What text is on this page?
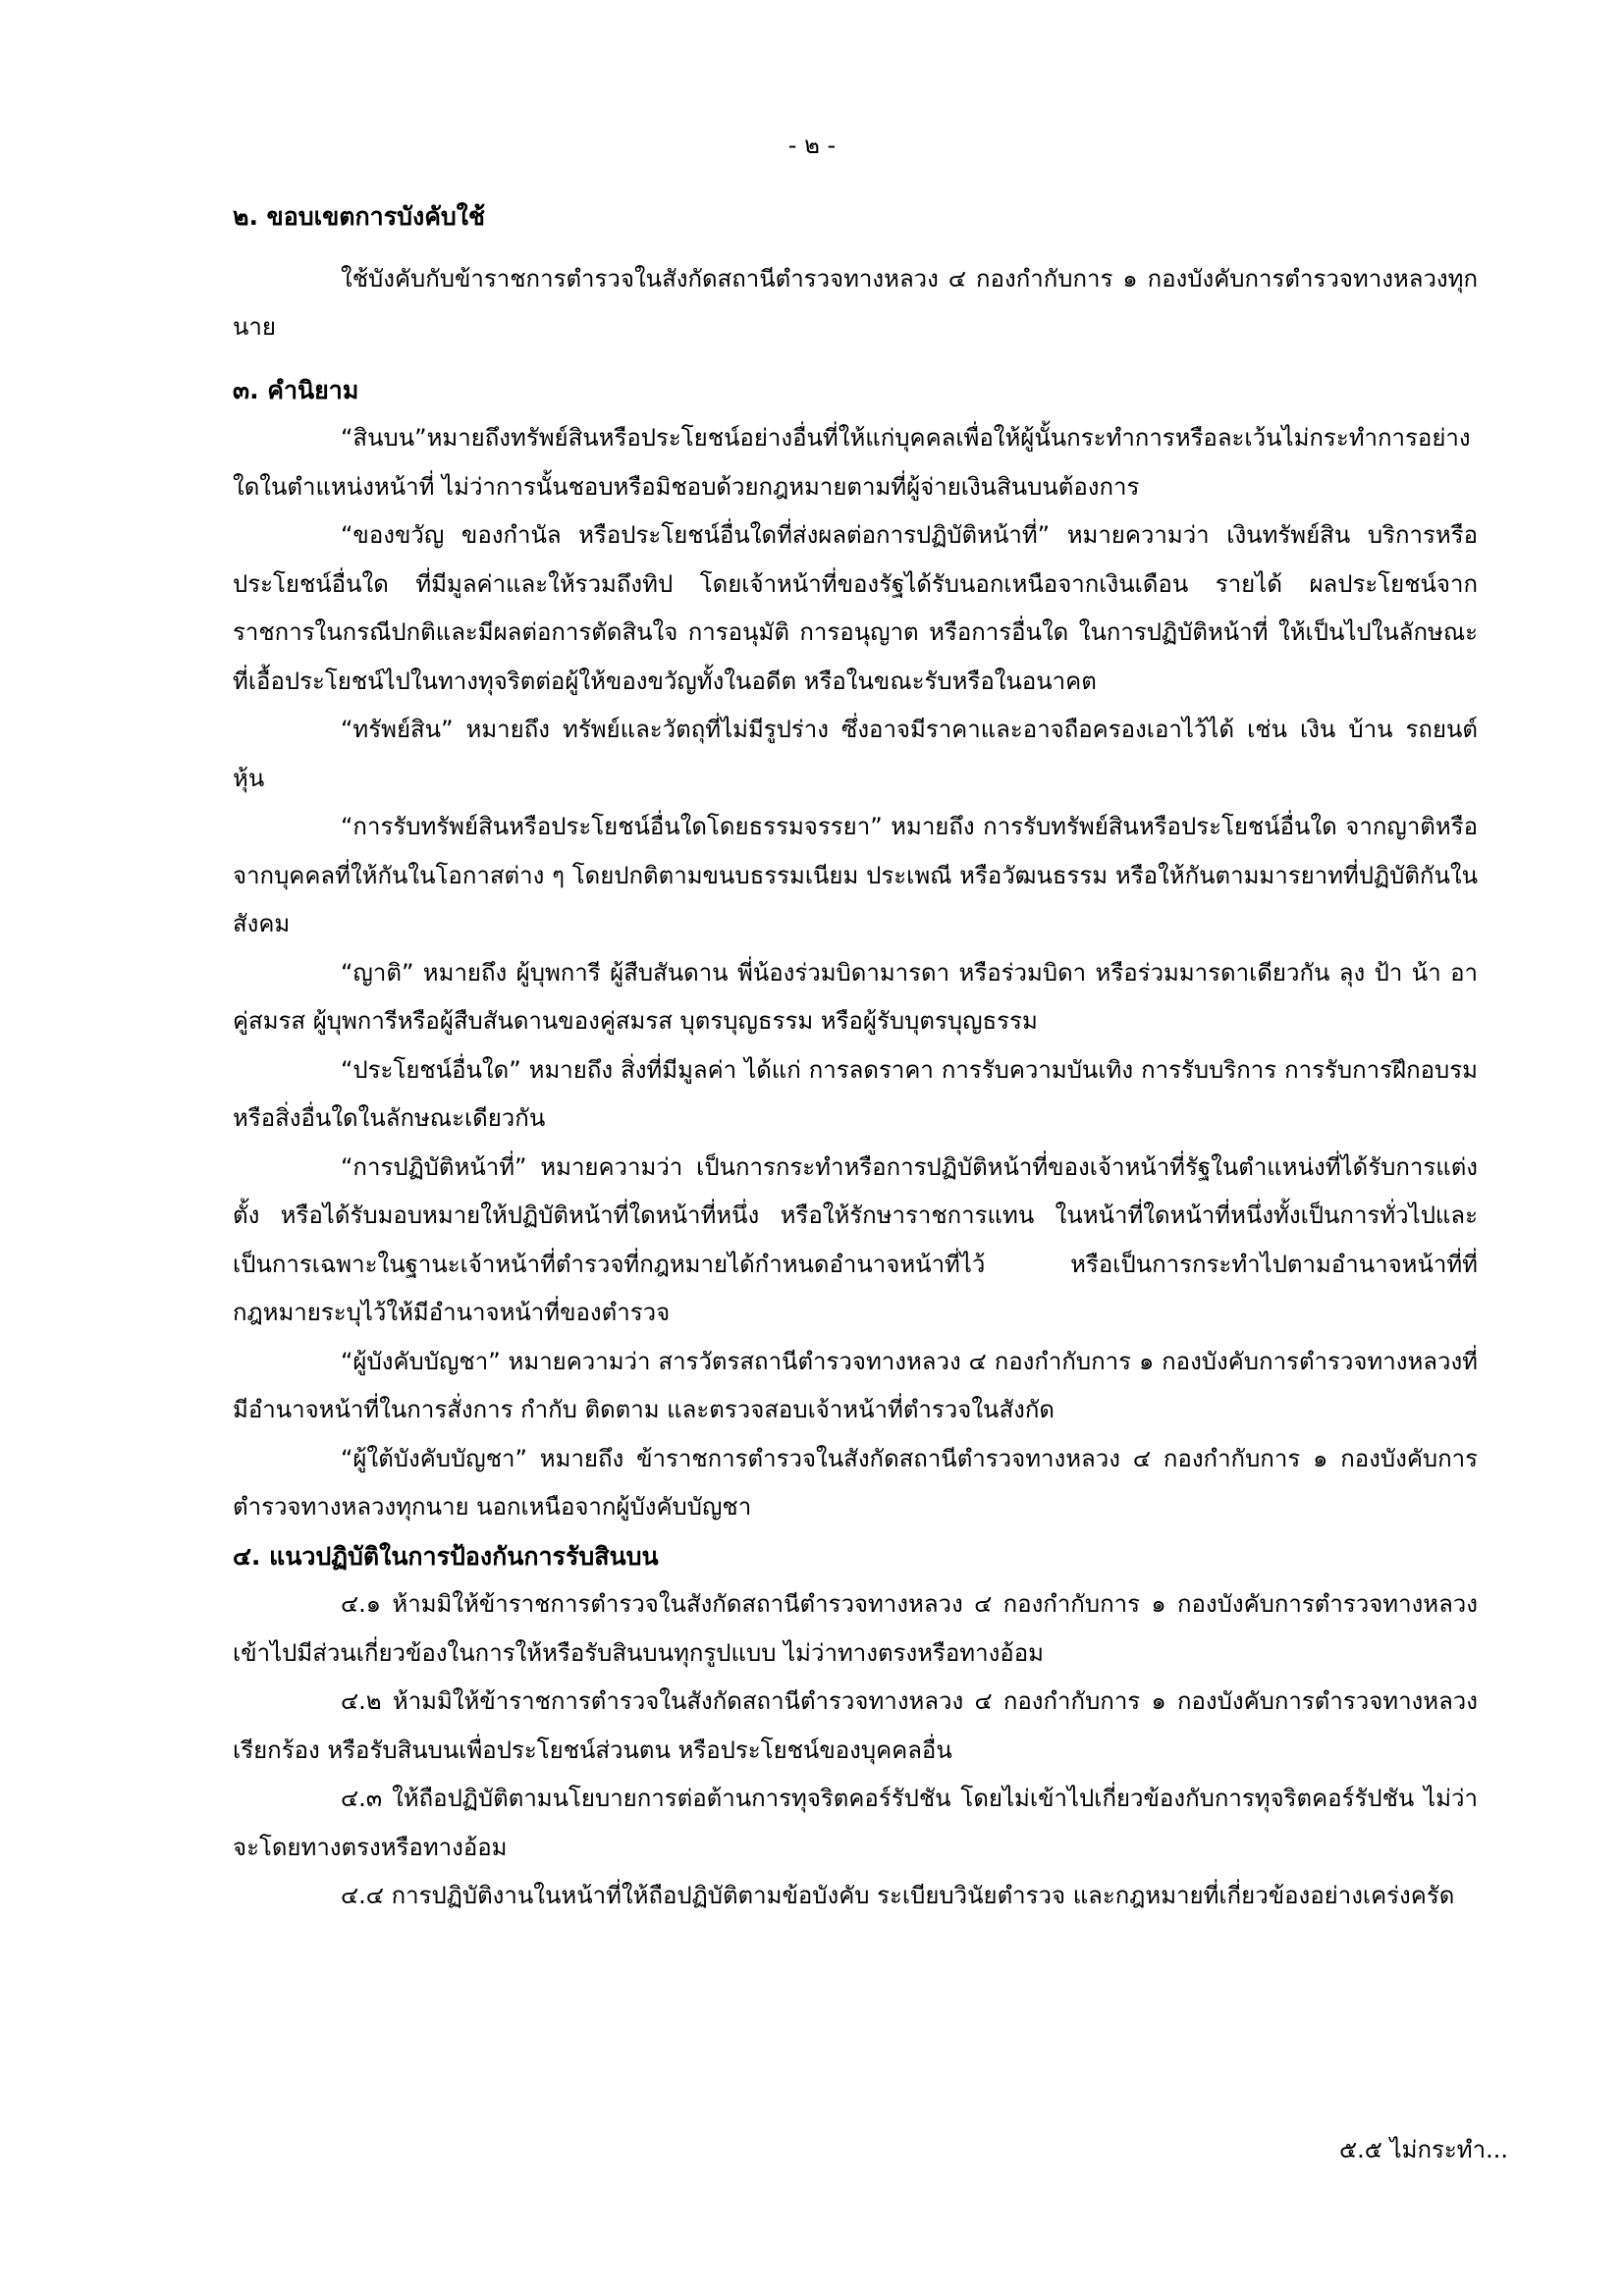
- ๒ -
๒. ขอบเขตการบังคับใช้

ใช้บังคับกับข้าราชการตำรวจในสังกัดสถานีตำรวจทางหลวง ๔ กองกำกับการ ๑ กองบังคับการตำรวจทางหลวงทุกนาย

๓. คำนิยาม

“สินบน”หมายถึงทรัพย์สินหรือประโยชน์อย่างอื่นที่ให้แก่บุคคลเพื่อให้ผู้นั้นกระทำการหรือละเว้นไม่กระทำการอย่างใดในตำแหน่งหน้าที่ ไม่ว่าการนั้นชอบหรือมิชอบด้วยกฎหมายตามที่ผู้จ่ายเงินสินบนต้องการ

“ของขวัญ ของกำนัล หรือประโยชน์อื่นใดที่ส่งผลต่อการปฏิบัติหน้าที่” หมายความว่า เงินทรัพย์สิน บริการหรือประโยชน์อื่นใด ที่มีมูลค่าและให้รวมถึงทิป โดยเจ้าหน้าที่ของรัฐได้รับนอกเหนือจากเงินเดือน รายได้ ผลประโยชน์จากราชการในกรณีปกติและมีผลต่อการตัดสินใจ การอนุมัติ การอนุญาต หรือการอื่นใด ในการปฏิบัติหน้าที่ ให้เป็นไปในลักษณะที่เอื้อประโยชน์ไปในทางทุจริตต่อผู้ให้ของขวัญทั้งในอดีต หรือในขณะรับหรือในอนาคต

“ทรัพย์สิน” หมายถึง ทรัพย์และวัตถุที่ไม่มีรูปร่าง ซึ่งอาจมีราคาและอาจถือครองเอาไว้ได้ เช่น เงิน บ้าน รถยนต์ หุ้น

“การรับทรัพย์สินหรือประโยชน์อื่นใดโดยธรรมจรรยา” หมายถึง การรับทรัพย์สินหรือประโยชน์อื่นใด จากญาติหรือจากบุคคลที่ให้กันในโอกาสต่าง ๆ โดยปกติตามขนบธรรมเนียม ประเพณี หรือวัฒนธรรม หรือให้กันตามมารยาทที่ปฏิบัติกันในสังคม

“ญาติ” หมายถึง ผู้บุพการี ผู้สืบสันดาน พี่น้องร่วมบิดามารดา หรือร่วมบิดา หรือร่วมมารดาเดียวกัน ลุง ป้า น้า อา คู่สมรส ผู้บุพการีหรือผู้สืบสันดานของคู่สมรส บุตรบุญธรรม หรือผู้รับบุตรบุญธรรม

“ประโยชน์อื่นใด” หมายถึง สิ่งที่มีมูลค่า ได้แก่ การลดราคา การรับความบันเทิง การรับบริการ การรับการฝึกอบรม หรือสิ่งอื่นใดในลักษณะเดียวกัน

“การปฏิบัติหน้าที่” หมายความว่า เป็นการกระทำหรือการปฏิบัติหน้าที่ของเจ้าหน้าที่รัฐในตำแหน่งที่ได้รับการแต่งตั้ง หรือได้รับมอบหมายให้ปฏิบัติหน้าที่ใดหน้าที่หนึ่ง หรือให้รักษาราชการแทน ในหน้าที่ใดหน้าที่หนึ่งทั้งเป็นการทั่วไปและเป็นการเฉพาะในฐานะเจ้าหน้าที่ตำรวจที่กฎหมายได้กำหนดอำนาจหน้าที่ไว้ หรือเป็นการกระทำไปตามอำนาจหน้าที่ที่กฎหมายระบุไว้ให้มีอำนาจหน้าที่ของตำรวจ

“ผู้บังคับบัญชา” หมายความว่า สารวัตรสถานีตำรวจทางหลวง ๔ กองกำกับการ ๑ กองบังคับการตำรวจทางหลวงที่มีอำนาจหน้าที่ในการสั่งการ กำกับ ติดตาม และตรวจสอบเจ้าหน้าที่ตำรวจในสังกัด

“ผู้ใต้บังคับบัญชา” หมายถึง ข้าราชการตำรวจในสังกัดสถานีตำรวจทางหลวง ๔ กองกำกับการ ๑ กองบังคับการตำรวจทางหลวงทุกนาย นอกเหนือจากผู้บังคับบัญชา

๔. แนวปฏิบัติในการป้องกันการรับสินบน

๔.๑ ห้ามมิให้ข้าราชการตำรวจในสังกัดสถานีตำรวจทางหลวง ๔ กองกำกับการ ๑ กองบังคับการตำรวจทางหลวงเข้าไปมีส่วนเกี่ยวข้องในการให้หรือรับสินบนทุกรูปแบบ ไม่ว่าทางตรงหรือทางอ้อม

๔.๒ ห้ามมิให้ข้าราชการตำรวจในสังกัดสถานีตำรวจทางหลวง ๔ กองกำกับการ ๑ กองบังคับการตำรวจทางหลวงเรียกร้อง หรือรับสินบนเพื่อประโยชน์ส่วนตน หรือประโยชน์ของบุคคลอื่น

๔.๓ ให้ถือปฏิบัติตามนโยบายการต่อต้านการทุจริตคอร์รัปชัน โดยไม่เข้าไปเกี่ยวข้องกับการทุจริตคอร์รัปชัน ไม่ว่าจะโดยทางตรงหรือทางอ้อม

๔.๔ การปฏิบัติงานในหน้าที่ให้ถือปฏิบัติตามข้อบังคับ ระเบียบวินัยตำรวจ และกฎหมายที่เกี่ยวข้องอย่างเคร่งครัด

๕.๕ ไม่กระทำ...
